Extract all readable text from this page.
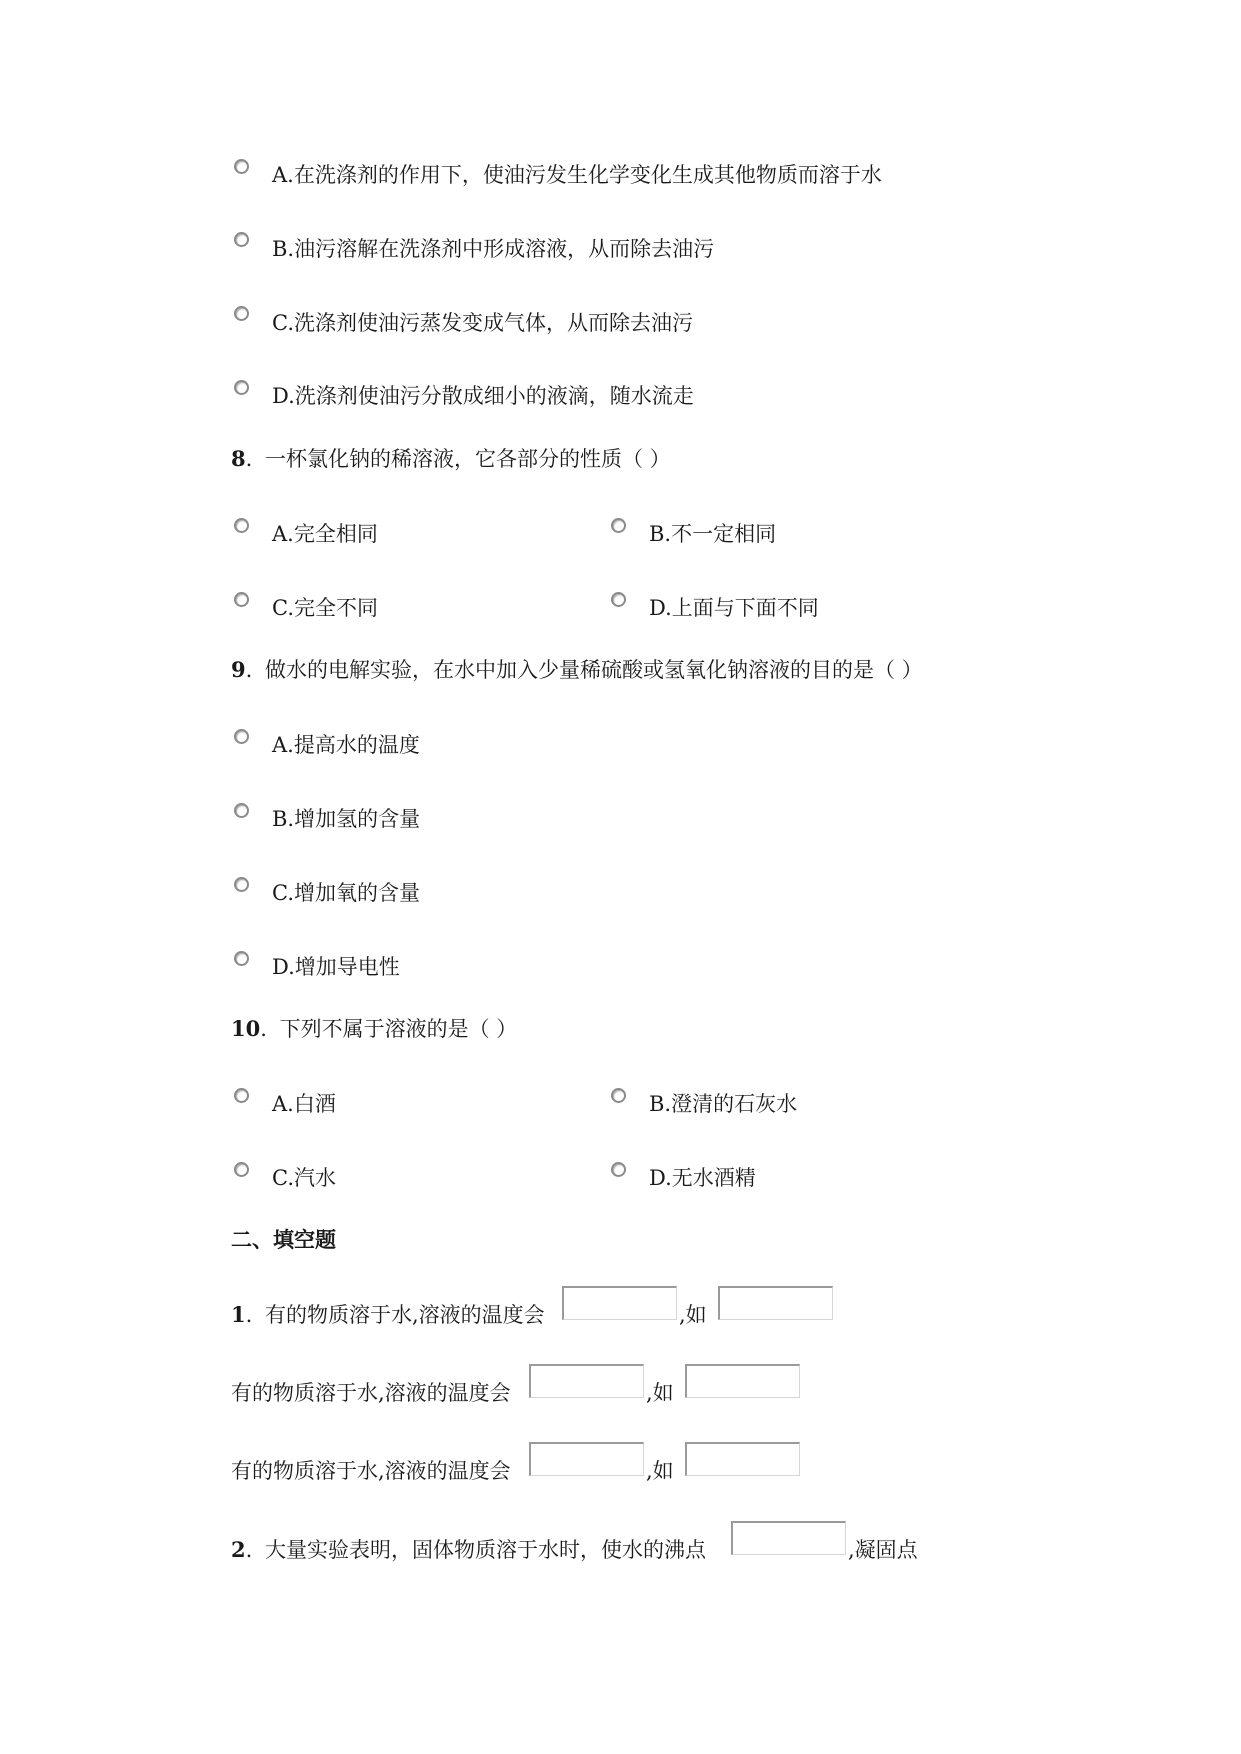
A.在洗涤剂的作用下，使油污发生化学变化生成其他物质而溶于水
B.油污溶解在洗涤剂中形成溶液，从而除去油污
C.洗涤剂使油污蒸发变成气体，从而除去油污
D.洗涤剂使油污分散成细小的液滴，随水流走
8. 一杯氯化钠的稀溶液，它各部分的性质（ ）
A.完全相同	B.不一定相同
C.完全不同	D.上面与下面不同
9. 做水的电解实验，在水中加入少量稀硫酸或氢氧化钠溶液的目的是（ ）
A.提高水的温度
B.增加氢的含量
C.增加氧的含量
D.增加导电性
10. 下列不属于溶液的是（ ）
A.白酒	B.澄清的石灰水
C.汽水	D.无水酒精
二、填空题
1. 有的物质溶于水,溶液的温度会	,如
有的物质溶于水,溶液的温度会	,如
有的物质溶于水,溶液的温度会	,如
2. 大量实验表明，固体物质溶于水时，使水的沸点	,凝固点
